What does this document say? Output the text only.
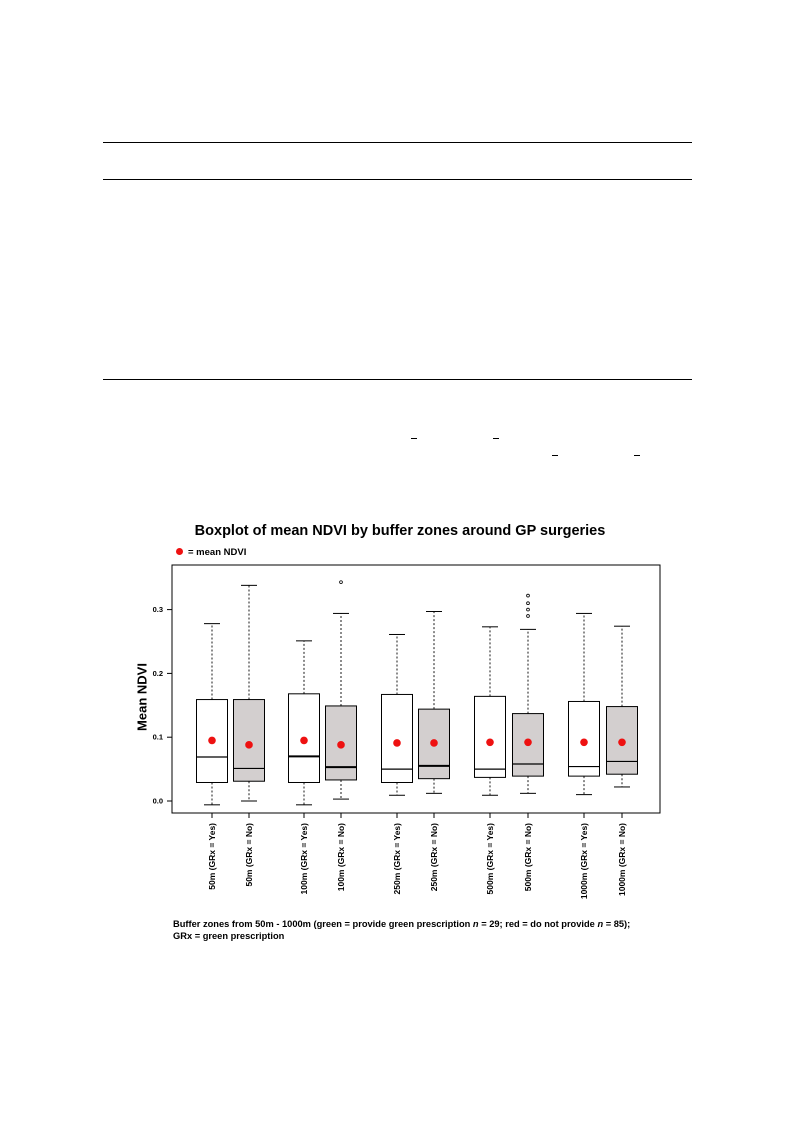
Boxplot of mean NDVI by buffer zones around GP surgeries
= mean NDVI
Mean NDVI
0.0
0.1
0.2
0.3
50m (GRx = Yes)	50m (GRx = No)	100m (GRx = Yes)	100m (GRx = No)	250m (GRx = Yes)	250m (GRx = No)	500m (GRx = Yes)	500m (GRx = No)	1000m (GRx = Yes)	1000m (GRx = No)
Buffer zones from 50m - 1000m (green = provide green prescription n = 29; red = do not provide n = 85);
GRx = green prescription
